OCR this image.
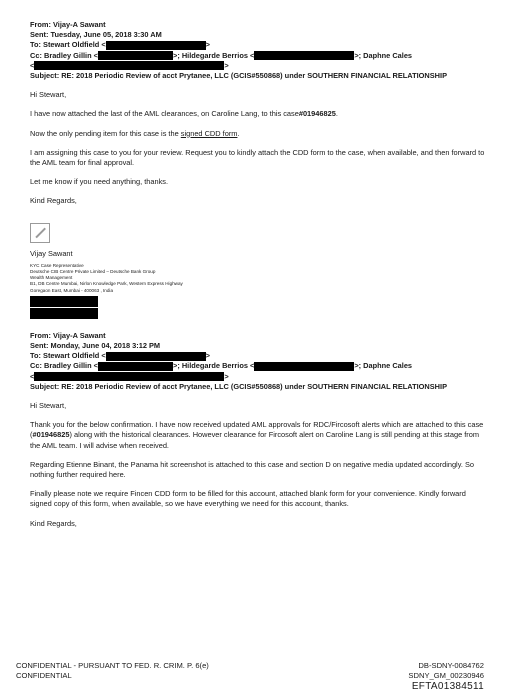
From: Vijay-A Sawant
Sent: Tuesday, June 05, 2018 3:30 AM
To: Stewart Oldfield <	>
Cc: Bradley Gillin <	>; Hildegarde Berrios <	>; Daphne Cales
<	>
Subject: RE: 2018 Periodic Review of acct Prytanee, LLC (GCIS#550868) under SOUTHERN FINANCIAL RELATIONSHIP

Hi Stewart,

I have now attached the last of the AML clearances, on Caroline Lang, to this case#01946825.

Now the only pending item for this case is the signed CDD form.

I am assigning this case to you for your review. Request you to kindly attach the CDD form to the case, when available, and then forward to the AML team for final approval.

Let me know if you need anything, thanks.

Kind Regards,

Vijay Sawant

KYC Case Representative
Deutsche CIB Centre Private Limited – Deutsche Bank Group
Wealth Management
B1, DB Centre Mumbai, Nirlon Knowledge Park, Western Express Highway
Goregaon East, Mumbai - 400063 , India
From: Vijay-A Sawant
Sent: Monday, June 04, 2018 3:12 PM
To: Stewart Oldfield <	>
Cc: Bradley Gillin <	>; Hildegarde Berrios <	>; Daphne Cales
<	>
Subject: RE: 2018 Periodic Review of acct Prytanee, LLC (GCIS#550868) under SOUTHERN FINANCIAL RELATIONSHIP

Hi Stewart,

Thank you for the below confirmation. I have now received updated AML approvals for RDC/Fircosoft alerts which are attached to this case (#01946825) along with the historical clearances. However clearance for Fircosoft alert on Caroline Lang is still pending at this stage from the AML team. I will advise when received.

Regarding Etienne Binant, the Panama hit screenshot is attached to this case and section D on negative media updated accordingly. So nothing further required here.

Finally please note we require Fincen CDD form to be filled for this account, attached blank form for your convenience. Kindly forward signed copy of this form, when available, so we have everything we need for this account, thanks.

Kind Regards,

CONFIDENTIAL - PURSUANT TO FED. R. CRIM. P. 6(e)
CONFIDENTIAL
DB-SDNY-0084762
SDNY_GM_00230946
EFTA01384511
